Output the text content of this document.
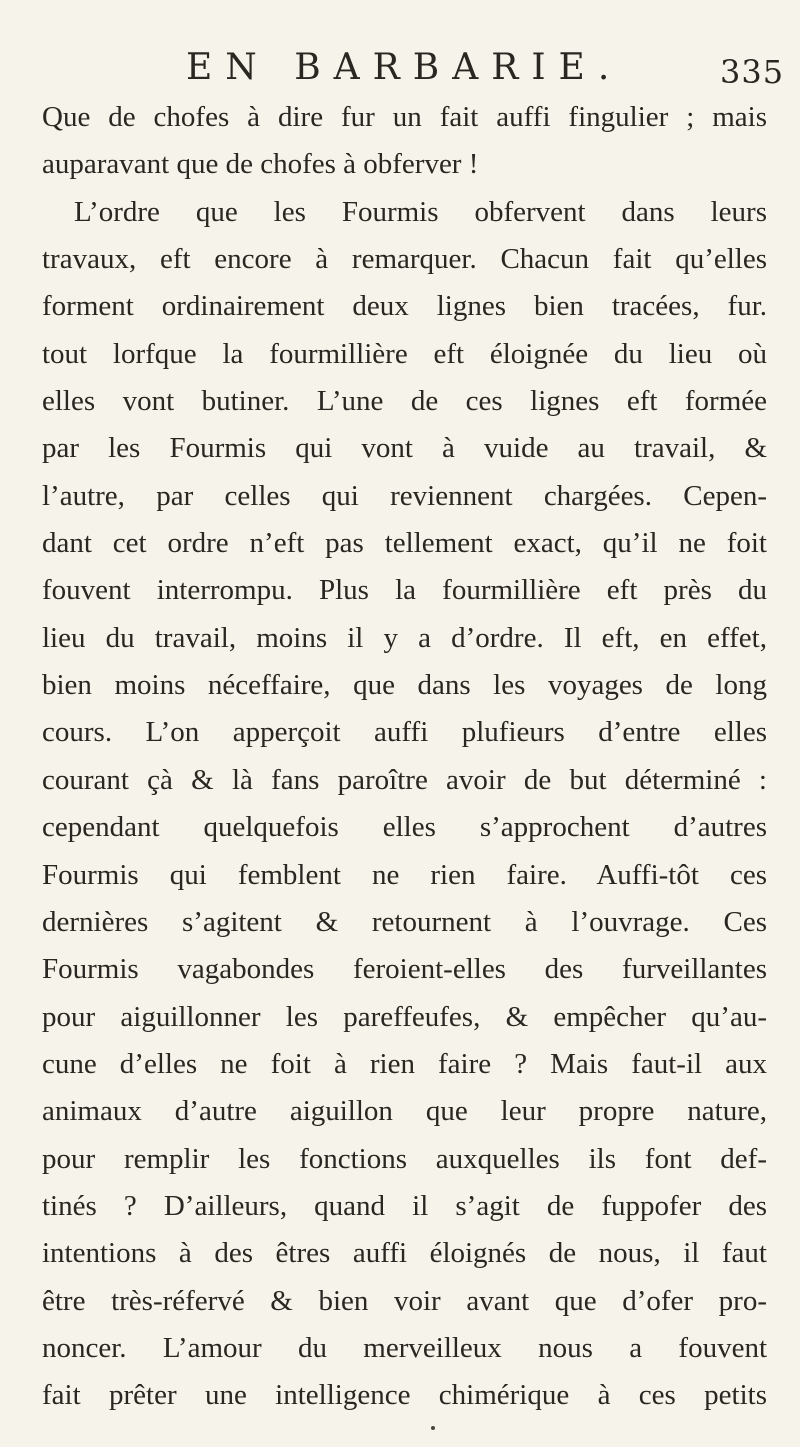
EN BARBARIE.	335
Que de chofes à dire fur un fait auffi fingulier ; mais
auparavant que de chofes à obferver !
L’ordre que les Fourmis obfervent dans leurs
travaux, eft encore à remarquer. Chacun fait qu’elles
forment ordinairement deux lignes bien tracées, fur.
tout lorfque la fourmillière eft éloignée du lieu où
elles vont butiner. L’une de ces lignes eft formée
par les Fourmis qui vont à vuide au travail, &
l’autre, par celles qui reviennent chargées. Cepen-
dant cet ordre n’eft pas tellement exact, qu’il ne foit
fouvent interrompu. Plus la fourmillière eft près du
lieu du travail, moins il y a d’ordre. Il eft, en effet,
bien moins néceffaire, que dans les voyages de long
cours. L’on apperçoit auffi plufieurs d’entre elles
courant çà & là fans paroître avoir de but déterminé :
cependant quelquefois elles s’approchent d’autres
Fourmis qui femblent ne rien faire. Auffi-tôt ces
dernières s’agitent & retournent à l’ouvrage. Ces
Fourmis vagabondes feroient-elles des furveillantes
pour aiguillonner les pareffeufes, & empêcher qu’au-
cune d’elles ne foit à rien faire ? Mais faut-il aux
animaux d’autre aiguillon que leur propre nature,
pour remplir les fonctions auxquelles ils font def-
tinés ? D’ailleurs, quand il s’agit de fuppofer des
intentions à des êtres auffi éloignés de nous, il faut
être très-réfervé & bien voir avant que d’ofer pro-
noncer. L’amour du merveilleux nous a fouvent
fait prêter une intelligence chimérique à ces petits
